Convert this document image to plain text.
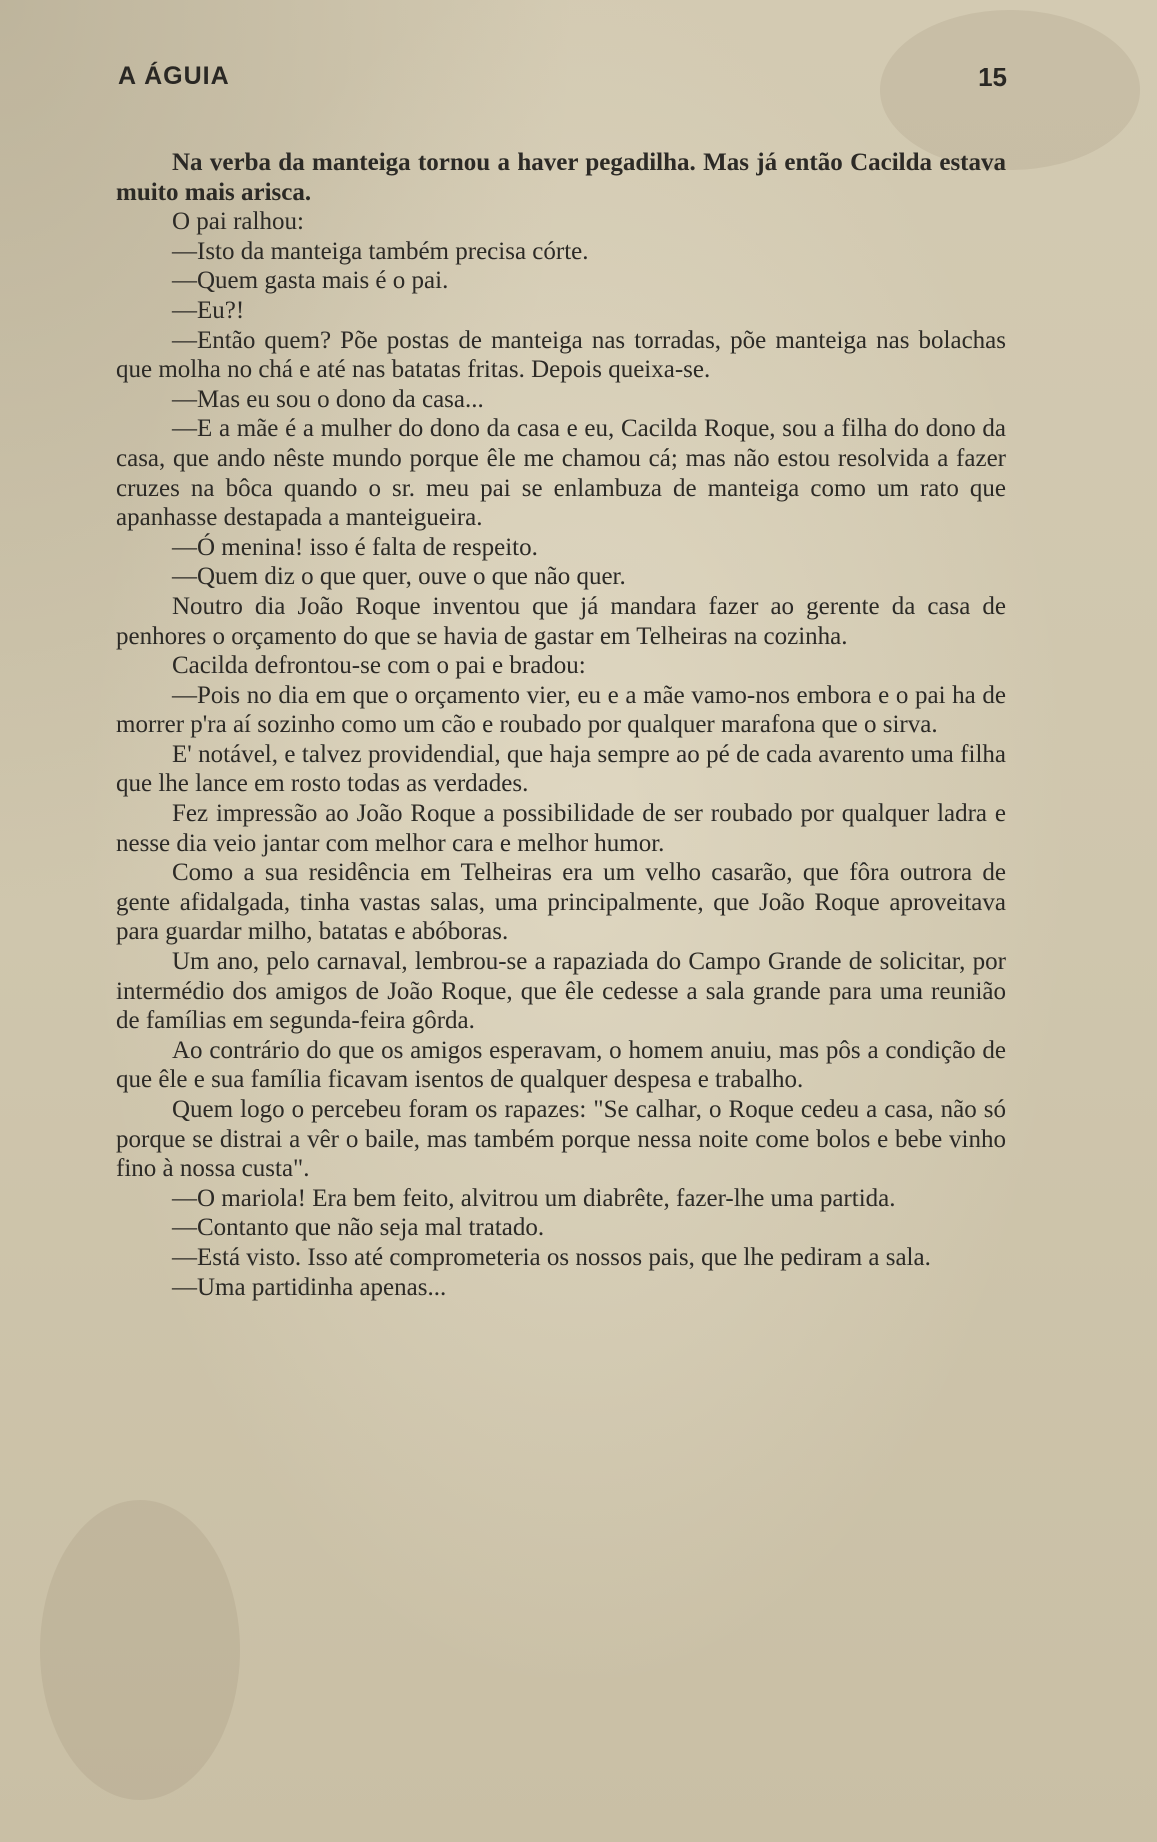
A ÁGUIA	15

Na verba da manteiga tornou a haver pegadilha. Mas já então Cacilda estava muito mais arisca.

O pai ralhou:

—Isto da manteiga também precisa córte.

—Quem gasta mais é o pai.

—Eu?!

—Então quem? Põe postas de manteiga nas torradas, põe manteiga nas bolachas que molha no chá e até nas batatas fritas. Depois queixa-se.

—Mas eu sou o dono da casa...

—E a mãe é a mulher do dono da casa e eu, Cacilda Roque, sou a filha do dono da casa, que ando nêste mundo porque êle me chamou cá; mas não estou resolvida a fazer cruzes na bôca quando o sr. meu pai se enlambuza de manteiga como um rato que apanhasse destapada a manteigueira.

—Ó menina! isso é falta de respeito.

—Quem diz o que quer, ouve o que não quer.

Noutro dia João Roque inventou que já mandara fazer ao gerente da casa de penhores o orçamento do que se havia de gastar em Telheiras na cozinha.

Cacilda defrontou-se com o pai e bradou:

—Pois no dia em que o orçamento vier, eu e a mãe vamo-nos embora e o pai ha de morrer p'ra aí sozinho como um cão e roubado por qualquer marafona que o sirva.

E' notável, e talvez providendial, que haja sempre ao pé de cada avarento uma filha que lhe lance em rosto todas as verdades.

Fez impressão ao João Roque a possibilidade de ser roubado por qualquer ladra e nesse dia veio jantar com melhor cara e melhor humor.

Como a sua residência em Telheiras era um velho casarão, que fôra outrora de gente afidalgada, tinha vastas salas, uma principalmente, que João Roque aproveitava para guardar milho, batatas e abóboras.

Um ano, pelo carnaval, lembrou-se a rapaziada do Campo Grande de solicitar, por intermédio dos amigos de João Roque, que êle cedesse a sala grande para uma reunião de famílias em segunda-feira gôrda.

Ao contrário do que os amigos esperavam, o homem anuiu, mas pôs a condição de que êle e sua família ficavam isentos de qualquer despesa e trabalho.

Quem logo o percebeu foram os rapazes: "Se calhar, o Roque cedeu a casa, não só porque se distrai a vêr o baile, mas também porque nessa noite come bolos e bebe vinho fino à nossa custa".

—O mariola! Era bem feito, alvitrou um diabrête, fazer-lhe uma partida.

—Contanto que não seja mal tratado.

—Está visto. Isso até comprometeria os nossos pais, que lhe pediram a sala.

—Uma partidinha apenas...
